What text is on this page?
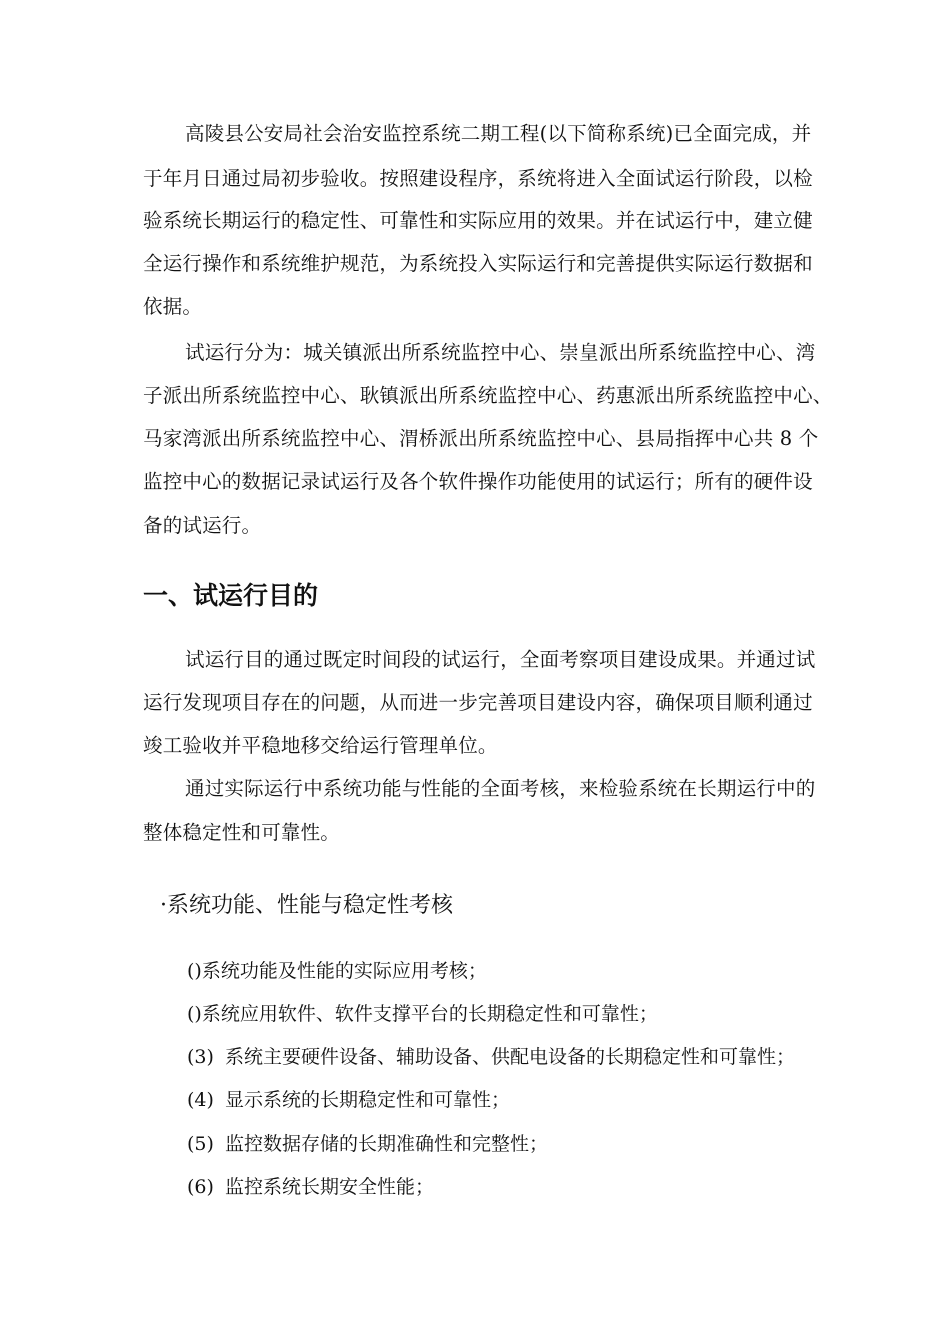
高陵县公安局社会治安监控系统二期工程(以下简称系统)已全面完成，并
于年月日通过局初步验收。按照建设程序，系统将进入全面试运行阶段，以检
验系统长期运行的稳定性、可靠性和实际应用的效果。并在试运行中，建立健
全运行操作和系统维护规范，为系统投入实际运行和完善提供实际运行数据和
依据。
试运行分为：城关镇派出所系统监控中心、崇皇派出所系统监控中心、湾
子派出所系统监控中心、耿镇派出所系统监控中心、药惠派出所系统监控中心、
马家湾派出所系统监控中心、渭桥派出所系统监控中心、县局指挥中心共 8 个
监控中心的数据记录试运行及各个软件操作功能使用的试运行；所有的硬件设
备的试运行。
一、试运行目的
试运行目的通过既定时间段的试运行，全面考察项目建设成果。并通过试
运行发现项目存在的问题，从而进一步完善项目建设内容，确保项目顺利通过
竣工验收并平稳地移交给运行管理单位。
通过实际运行中系统功能与性能的全面考核，来检验系统在长期运行中的
整体稳定性和可靠性。
·系统功能、性能与稳定性考核
()系统功能及性能的实际应用考核；
()系统应用软件、软件支撑平台的长期稳定性和可靠性；
(3) 系统主要硬件设备、辅助设备、供配电设备的长期稳定性和可靠性；
(4) 显示系统的长期稳定性和可靠性；
(5) 监控数据存储的长期准确性和完整性；
(6) 监控系统长期安全性能；
